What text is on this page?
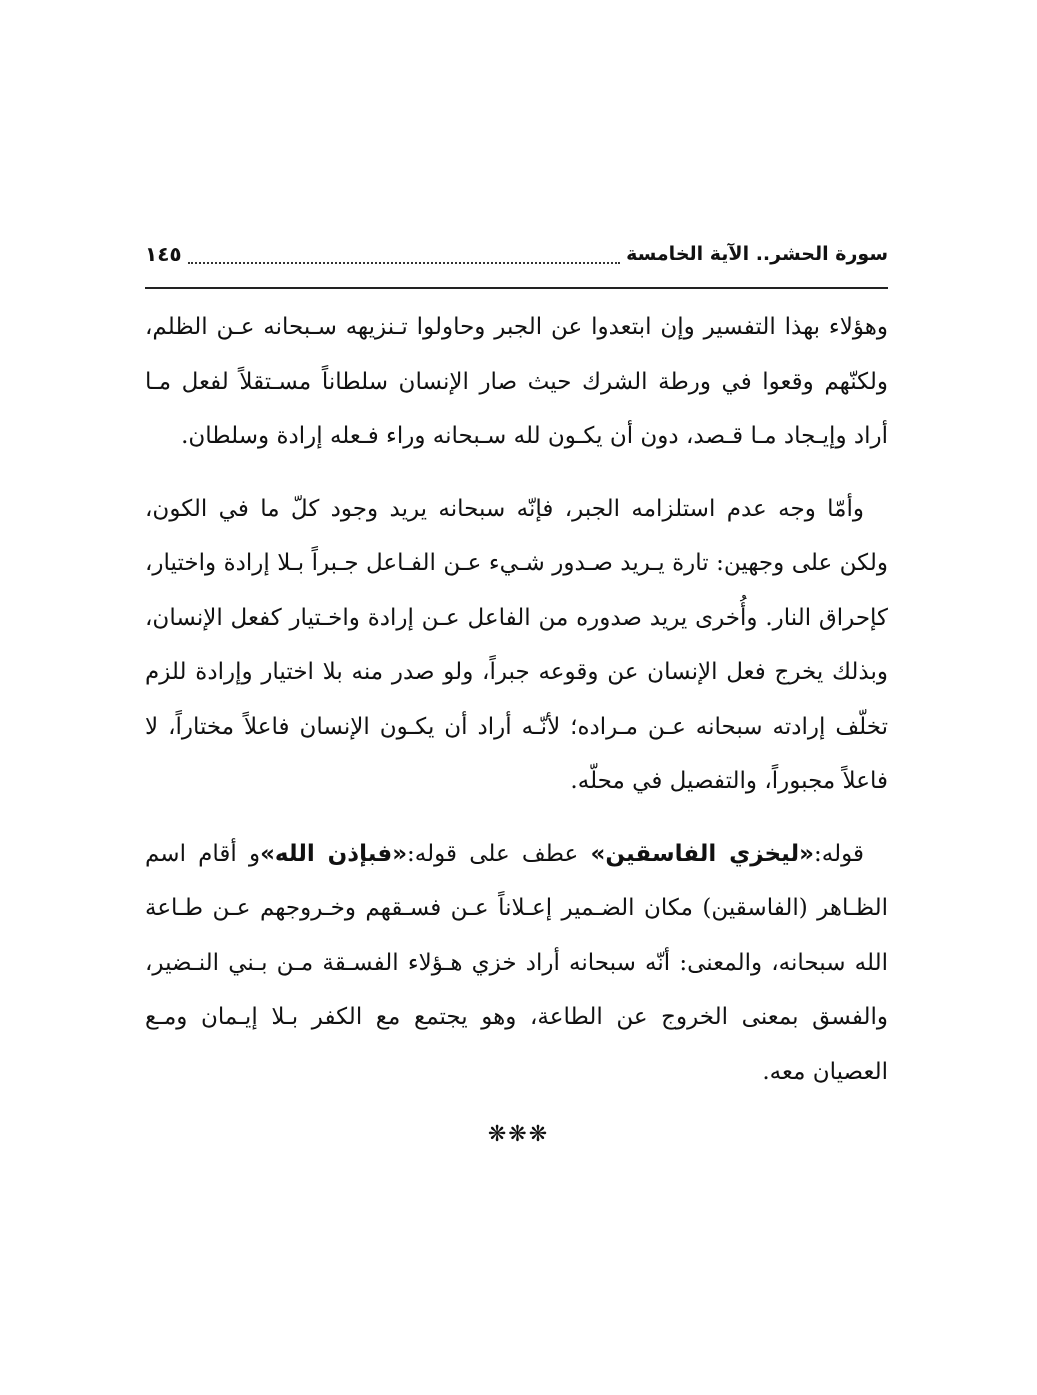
سورة الحشر.. الآية الخامسة
١٤٥

وهؤلاء بهذا التفسير وإن ابتعدوا عن الجبر وحاولوا تـنزيهه سـبحانه عـن الظلم، ولكنّهم وقعوا في ورطة الشرك حيث صار الإنسان سلطاناً مسـتقلاً لفعل مـا أراد وإيـجاد مـا قـصد، دون أن يكـون لله سـبحانه وراء فـعله إرادة وسلطان.

وأمّا وجه عدم استلزامه الجبر، فإنّه سبحانه يريد وجود كلّ ما في الكون، ولكن على وجهين: تارة يـريد صـدور شـيء عـن الفـاعل جـبراً بـلا إرادة واختيار، كإحراق النار. وأُخرى يريد صدوره من الفاعل عـن إرادة واخـتيار كفعل الإنسان، وبذلك يخرج فعل الإنسان عن وقوعه جبراً، ولو صدر منه بلا اختيار وإرادة للزم تخلّف إرادته سبحانه عـن مـراده؛ لأنّـه أراد أن يكـون الإنسان فاعلاً مختاراً، لا فاعلاً مجبوراً، والتفصيل في محلّه.

قوله:«ليخزي الفاسقين» عطف على قوله:«فبإذن الله»و أقام اسم الظـاهر (الفاسقين) مكان الضـمير إعـلاناً عـن فسـقهم وخـروجهم عـن طـاعة الله سبحانه، والمعنى: أنّه سبحانه أراد خزي هـؤلاء الفسـقة مـن بـني النـضير، والفسق بمعنى الخروج عن الطاعة، وهو يجتمع مع الكفر بـلا إيـمان ومـع العصيان معه.

❋❋❋
